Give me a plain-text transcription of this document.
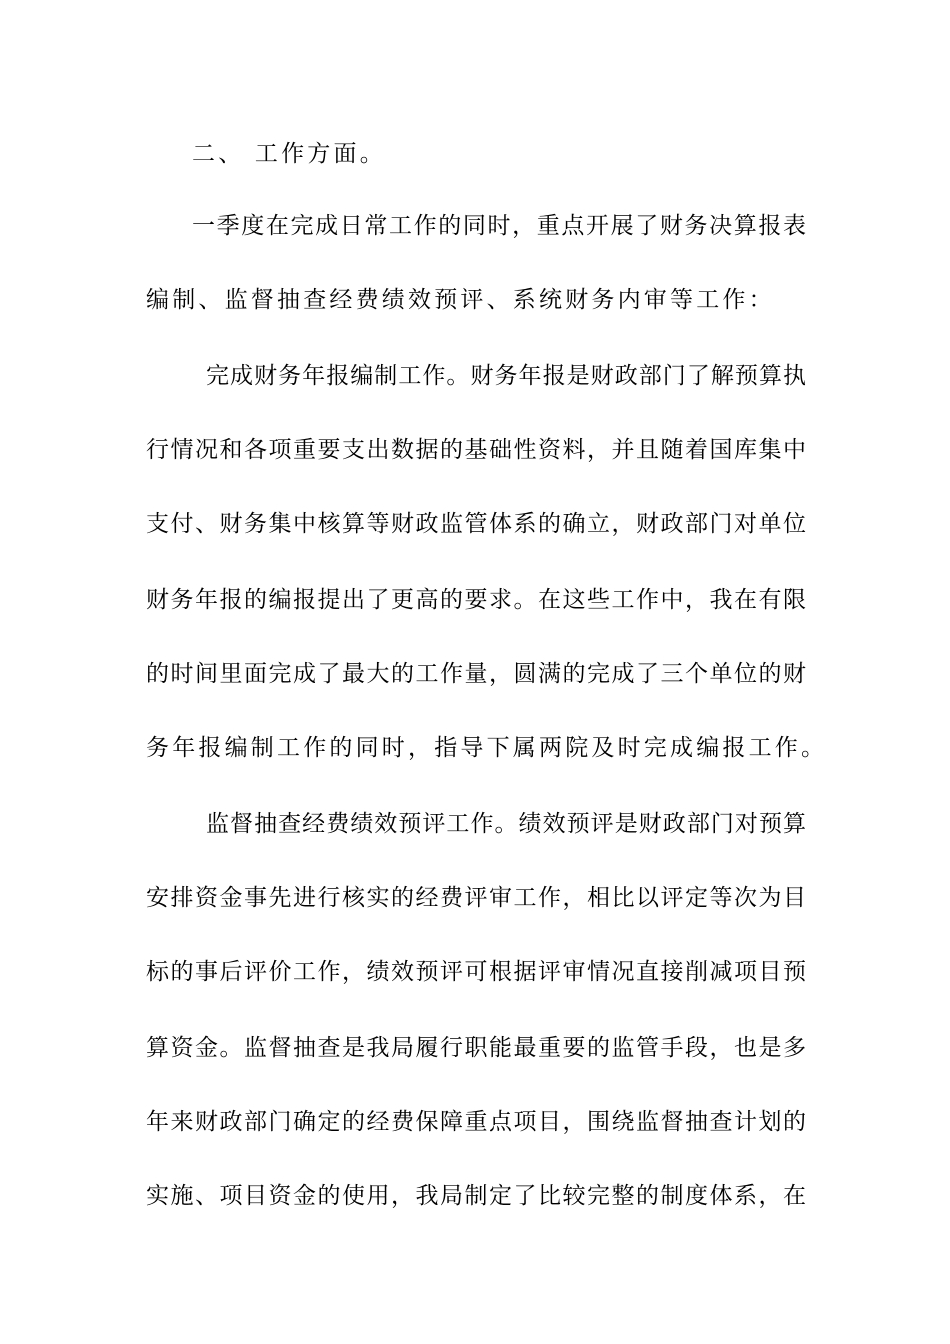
二、 工作方面。
一季度在完成日常工作的同时，重点开展了财务决算报表
编制、监督抽查经费绩效预评、系统财务内审等工作：
完成财务年报编制工作。财务年报是财政部门了解预算执
行情况和各项重要支出数据的基础性资料，并且随着国库集中
支付、财务集中核算等财政监管体系的确立，财政部门对单位
财务年报的编报提出了更高的要求。在这些工作中，我在有限
的时间里面完成了最大的工作量，圆满的完成了三个单位的财
务年报编制工作的同时，指导下属两院及时完成编报工作。
监督抽查经费绩效预评工作。绩效预评是财政部门对预算
安排资金事先进行核实的经费评审工作，相比以评定等次为目
标的事后评价工作，绩效预评可根据评审情况直接削减项目预
算资金。监督抽查是我局履行职能最重要的监管手段，也是多
年来财政部门确定的经费保障重点项目，围绕监督抽查计划的
实施、项目资金的使用，我局制定了比较完整的制度体系，在
